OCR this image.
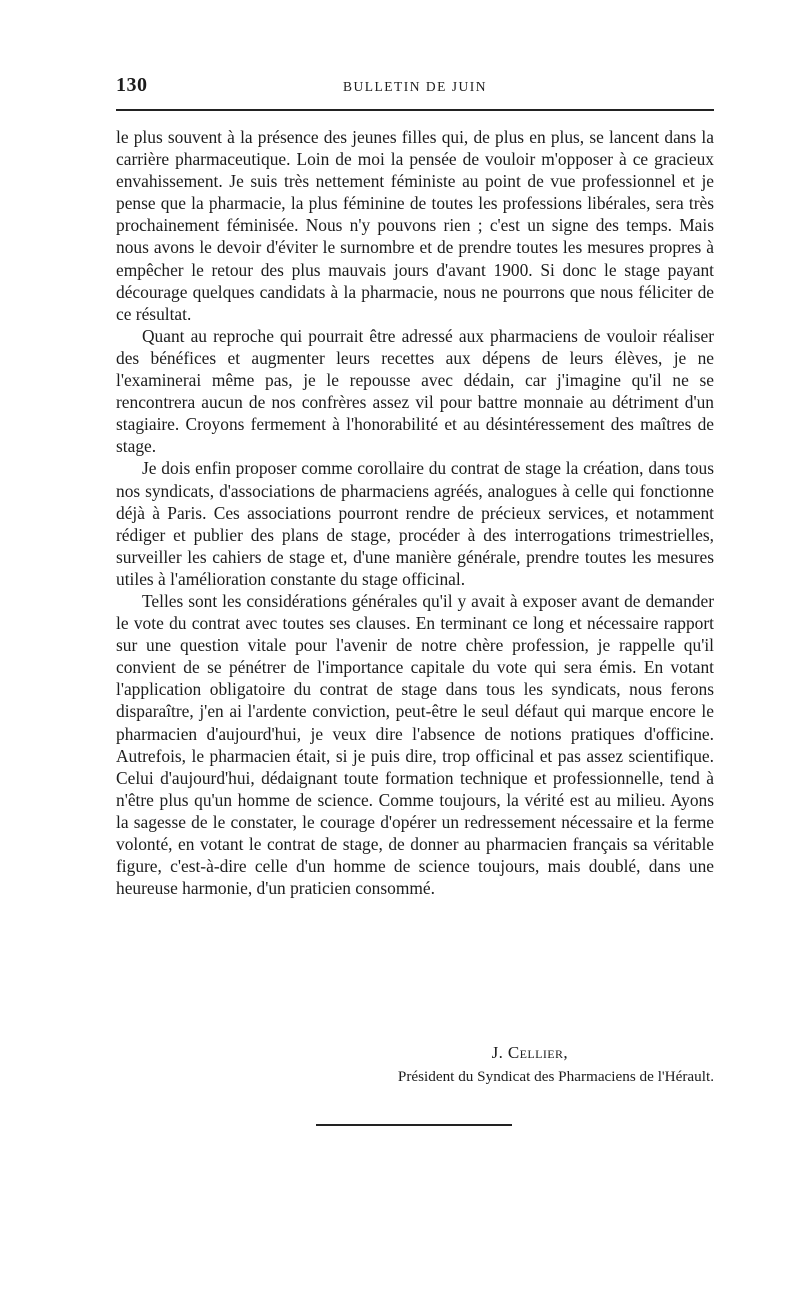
130	BULLETIN DE JUIN

le plus souvent à la présence des jeunes filles qui, de plus en plus, se lancent dans la carrière pharmaceutique. Loin de moi la pensée de vouloir m'opposer à ce gracieux envahissement. Je suis très nettement féministe au point de vue professionnel et je pense que la pharmacie, la plus féminine de toutes les professions libérales, sera très prochainement féminisée. Nous n'y pouvons rien ; c'est un signe des temps. Mais nous avons le devoir d'éviter le surnombre et de prendre toutes les mesures propres à empêcher le retour des plus mauvais jours d'avant 1900. Si donc le stage payant décourage quelques candidats à la pharmacie, nous ne pourrons que nous féliciter de ce résultat.

Quant au reproche qui pourrait être adressé aux pharmaciens de vouloir réaliser des bénéfices et augmenter leurs recettes aux dépens de leurs élèves, je ne l'examinerai même pas, je le repousse avec dédain, car j'imagine qu'il ne se rencontrera aucun de nos confrères assez vil pour battre monnaie au détriment d'un stagiaire. Croyons fermement à l'honorabilité et au désintéressement des maîtres de stage.

Je dois enfin proposer comme corollaire du contrat de stage la création, dans tous nos syndicats, d'associations de pharmaciens agréés, analogues à celle qui fonctionne déjà à Paris. Ces associations pourront rendre de précieux services, et notamment rédiger et publier des plans de stage, procéder à des interrogations trimestrielles, surveiller les cahiers de stage et, d'une manière générale, prendre toutes les mesures utiles à l'amélioration constante du stage officinal.

Telles sont les considérations générales qu'il y avait à exposer avant de demander le vote du contrat avec toutes ses clauses. En terminant ce long et nécessaire rapport sur une question vitale pour l'avenir de notre chère profession, je rappelle qu'il convient de se pénétrer de l'importance capitale du vote qui sera émis. En votant l'application obligatoire du contrat de stage dans tous les syndicats, nous ferons disparaître, j'en ai l'ardente conviction, peut-être le seul défaut qui marque encore le pharmacien d'aujourd'hui, je veux dire l'absence de notions pratiques d'officine. Autrefois, le pharmacien était, si je puis dire, trop officinal et pas assez scientifique. Celui d'aujourd'hui, dédaignant toute formation technique et professionnelle, tend à n'être plus qu'un homme de science. Comme toujours, la vérité est au milieu. Ayons la sagesse de le constater, le courage d'opérer un redressement nécessaire et la ferme volonté, en votant le contrat de stage, de donner au pharmacien français sa véritable figure, c'est-à-dire celle d'un homme de science toujours, mais doublé, dans une heureuse harmonie, d'un praticien consommé.

J. Cellier,
Président du Syndicat des Pharmaciens de l'Hérault.
